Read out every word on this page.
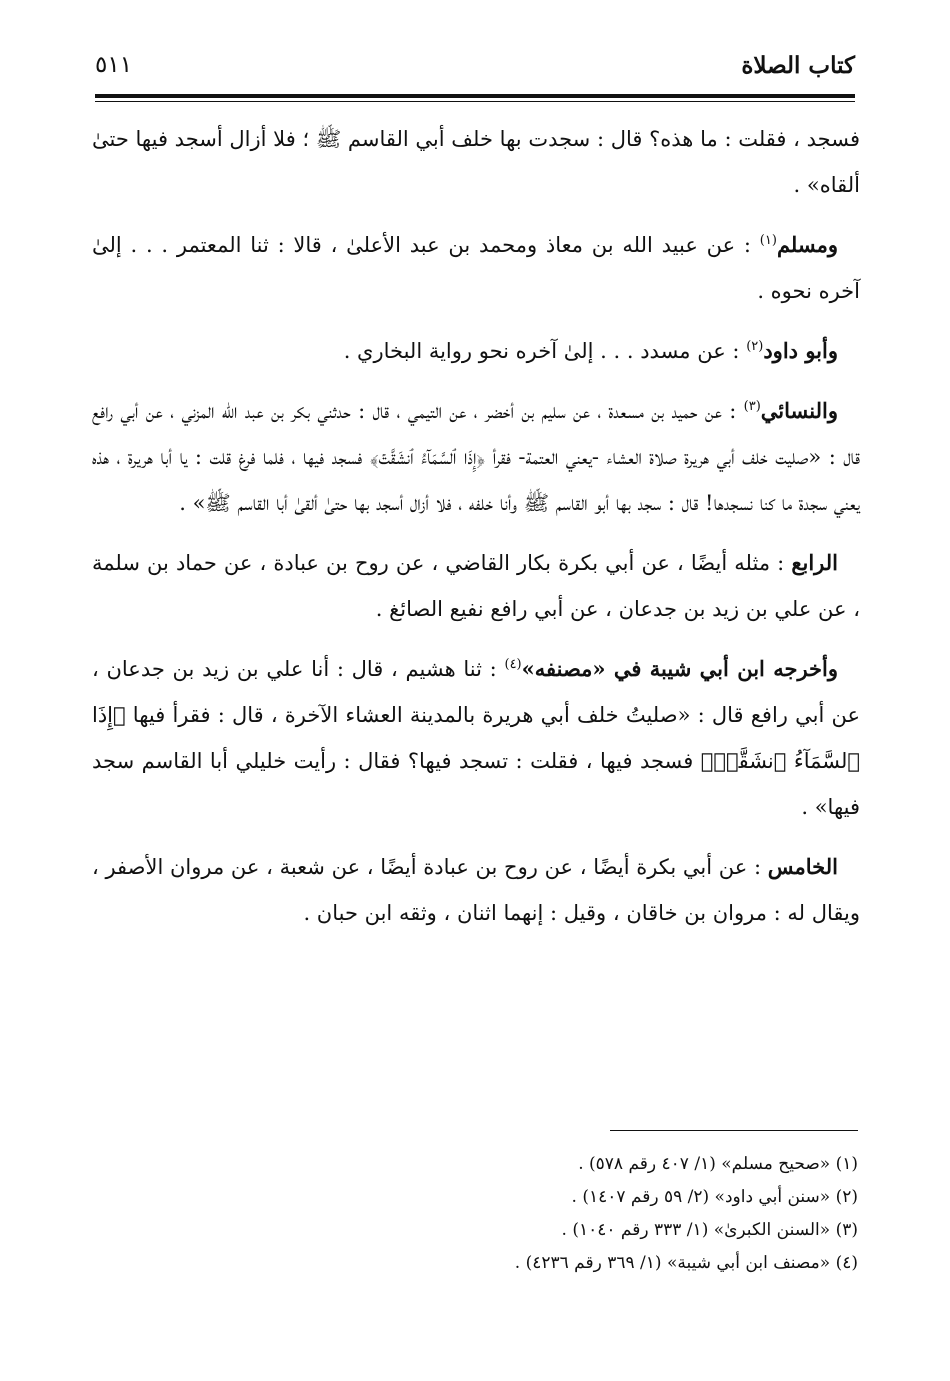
كتاب الصلاة
٥١١

فسجد ، فقلت : ما هذه؟ قال : سجدت بها خلف أبي القاسم ﷺ ؛ فلا أزال أسجد فيها حتىٰ ألقاه» .

ومسلم$^{(١)}$ : عن عبيد الله بن معاذ ومحمد بن عبد الأعلىٰ ، قالا : ثنا المعتمر . . . إلىٰ آخره نحوه .

وأبو داود$^{(٢)}$ : عن مسدد . . . إلىٰ آخره نحو رواية البخاري .

والنسائي$^{(٣)}$ : عن حميد بن مسعدة ، عن سليم بن أخضر ، عن التيمي ، قال : حدثني بكر بن عبد الله المزني ، عن أبي رافع قال : «صليت خلف أبي هريرة صلاة العشاء -يعني العتمة- فقرأ ﴿إِذَا ٱلسَّمَآءُ ٱنشَقَّتۡ﴾ فسجد فيها ، فلما فرغ قلت : يا أبا هريرة ، هذه يعني سجدة ما كنا نسجدها! قال : سجد بها أبو القاسم ﷺ وأنا خلفه ، فلا أزال أسجد بها حتىٰ ألقىٰ أبا القاسم ﷺ» .

الرابع : مثله أيضًا ، عن أبي بكرة بكار القاضي ، عن روح بن عبادة ، عن حماد بن سلمة ، عن علي بن زيد بن جدعان ، عن أبي رافع نفيع الصائغ .

وأخرجه ابن أبي شيبة في «مصنفه»$^{(٤)}$ : ثنا هشيم ، قال : أنا علي بن زيد بن جدعان ، عن أبي رافع قال : «صليتُ خلف أبي هريرة بالمدينة العشاء الآخرة ، قال : فقرأ فيها ﴿إِذَا ٱلسَّمَآءُ ٱنشَقَّتۡ﴾ فسجد فيها ، فقلت : تسجد فيها؟ فقال : رأيت خليلي أبا القاسم سجد فيها» .

الخامس : عن أبي بكرة أيضًا ، عن روح بن عبادة أيضًا ، عن شعبة ، عن مروان الأصفر ، ويقال له : مروان بن خاقان ، وقيل : إنهما اثنان ، وثقه ابن حبان .

(١) «صحيح مسلم» (١/ ٤٠٧ رقم ٥٧٨) .
(٢) «سنن أبي داود» (٢/ ٥٩ رقم ١٤٠٧) .
(٣) «السنن الكبرىٰ» (١/ ٣٣٣ رقم ١٠٤٠) .
(٤) «مصنف ابن أبي شيبة» (١/ ٣٦٩ رقم ٤٢٣٦) .
